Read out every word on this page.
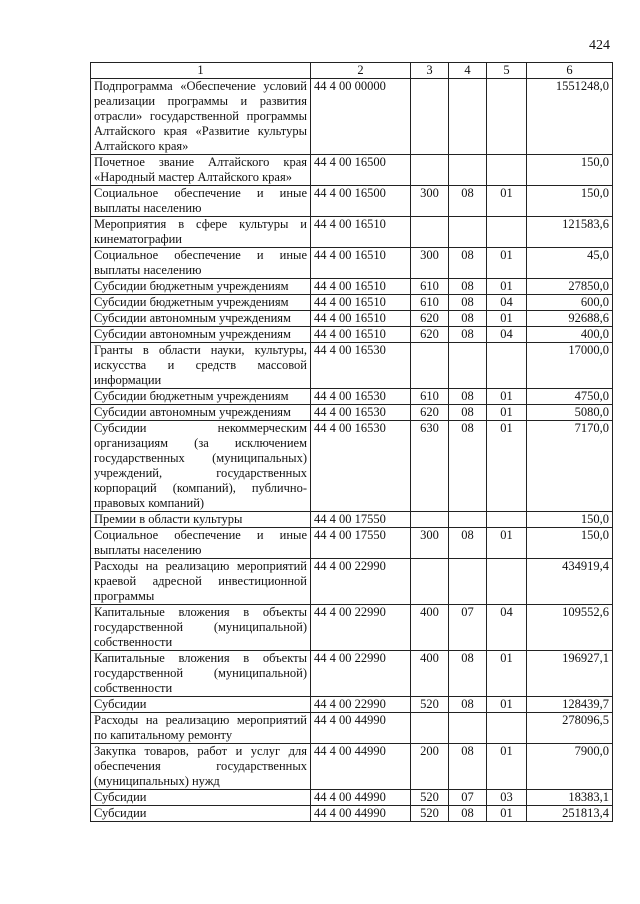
424
1	2	3	4	5	6
Подпрограмма «Обеспечение условий реализации программы и развития отрасли» государственной программы Алтайского края «Развитие культуры Алтайского края»	44 4 00 00000				1551248,0
Почетное звание Алтайского края «Народный мастер Алтайского края»	44 4 00 16500				150,0
Социальное обеспечение и иные выплаты населению	44 4 00 16500	300	08	01	150,0
Мероприятия в сфере культуры и кинематографии	44 4 00 16510				121583,6
Социальное обеспечение и иные выплаты населению	44 4 00 16510	300	08	01	45,0
Субсидии бюджетным учреждениям	44 4 00 16510	610	08	01	27850,0
Субсидии бюджетным учреждениям	44 4 00 16510	610	08	04	600,0
Субсидии автономным учреждениям	44 4 00 16510	620	08	01	92688,6
Субсидии автономным учреждениям	44 4 00 16510	620	08	04	400,0
Гранты в области науки, культуры, искусства и средств массовой информации	44 4 00 16530				17000,0
Субсидии бюджетным учреждениям	44 4 00 16530	610	08	01	4750,0
Субсидии автономным учреждениям	44 4 00 16530	620	08	01	5080,0
Субсидии некоммерческим организациям (за исключением государственных (муниципальных) учреждений, государственных корпораций (компаний), публично-правовых компаний)	44 4 00 16530	630	08	01	7170,0
Премии в области культуры	44 4 00 17550				150,0
Социальное обеспечение и иные выплаты населению	44 4 00 17550	300	08	01	150,0
Расходы на реализацию мероприятий краевой адресной инвестиционной программы	44 4 00 22990				434919,4
Капитальные вложения в объекты государственной (муниципальной) собственности	44 4 00 22990	400	07	04	109552,6
Капитальные вложения в объекты государственной (муниципальной) собственности	44 4 00 22990	400	08	01	196927,1
Субсидии	44 4 00 22990	520	08	01	128439,7
Расходы на реализацию мероприятий по капитальному ремонту	44 4 00 44990				278096,5
Закупка товаров, работ и услуг для обеспечения государственных (муниципальных) нужд	44 4 00 44990	200	08	01	7900,0
Субсидии	44 4 00 44990	520	07	03	18383,1
Субсидии	44 4 00 44990	520	08	01	251813,4
